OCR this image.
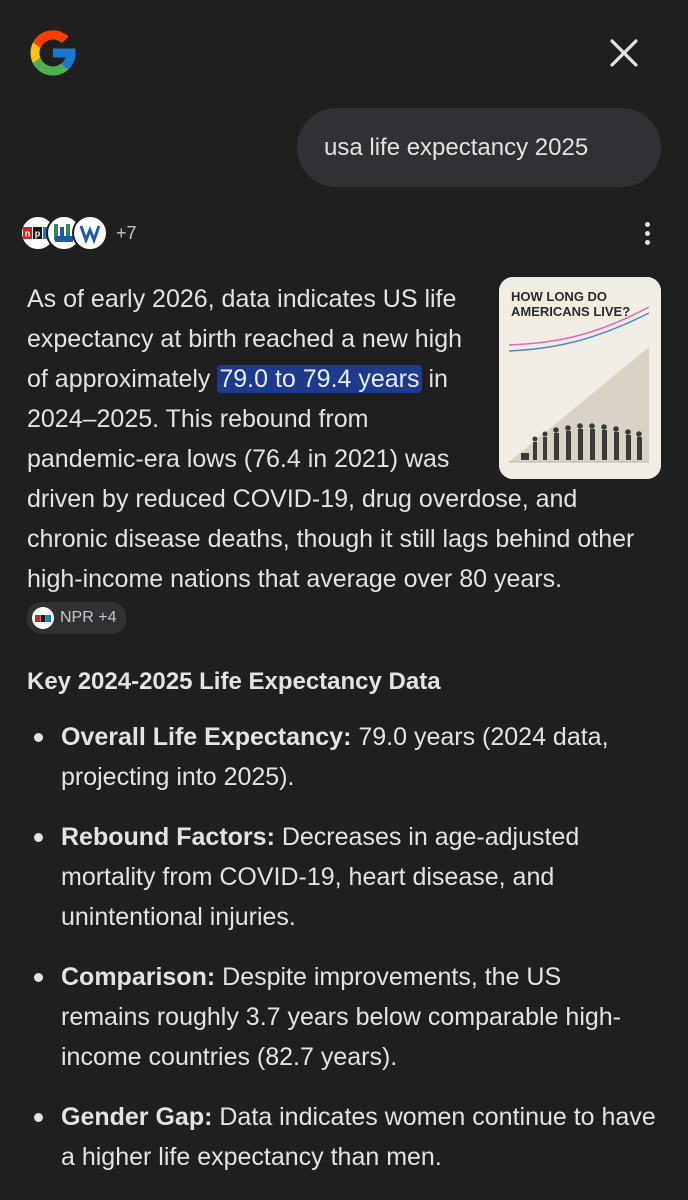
usa life expectancy 2025
n p	+7
HOW LONG DO
AMERICANS LIVE?
As of early 2026, data indicates US life expectancy at birth reached a new high of approximately 79.0 to 79.4 years in 2024–2025. This rebound from pandemic-era lows (76.4 in 2021) was driven by reduced COVID-19, drug overdose, and chronic disease deaths, though it still lags behind other high-income nations that average over 80 years.
NPR +4
Key 2024-2025 Life Expectancy Data
Overall Life Expectancy: 79.0 years (2024 data, projecting into 2025).
Rebound Factors: Decreases in age-adjusted mortality from COVID-19, heart disease, and unintentional injuries.
Comparison: Despite improvements, the US remains roughly 3.7 years below comparable high-income countries (82.7 years).
Gender Gap: Data indicates women continue to have a higher life expectancy than men.
